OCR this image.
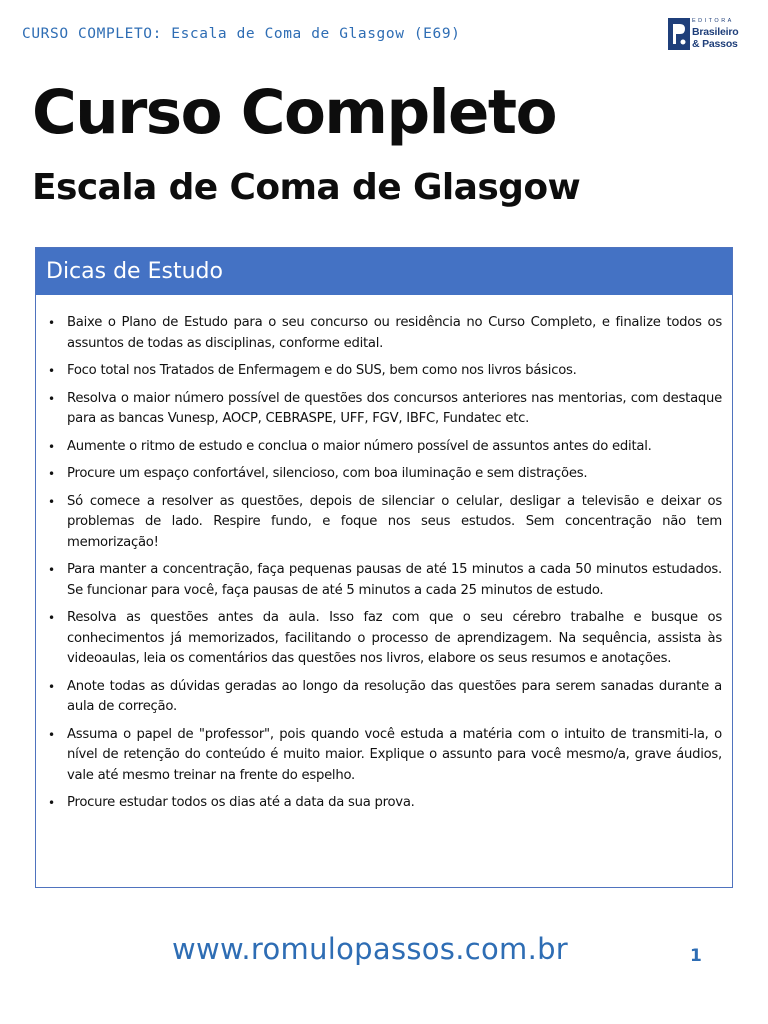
CURSO COMPLETO: Escala de Coma de Glasgow (E69)
EDITORA
Brasileiro
& Passos
Curso Completo
Escala de Coma de Glasgow
Dicas de Estudo
• Baixe o Plano de Estudo para o seu concurso ou residência no Curso Completo, e finalize todos os assuntos de todas as disciplinas, conforme edital.
• Foco total nos Tratados de Enfermagem e do SUS, bem como nos livros básicos.
• Resolva o maior número possível de questões dos concursos anteriores nas mentorias, com destaque para as bancas Vunesp, AOCP, CEBRASPE, UFF, FGV, IBFC, Fundatec etc.
• Aumente o ritmo de estudo e conclua o maior número possível de assuntos antes do edital.
• Procure um espaço confortável, silencioso, com boa iluminação e sem distrações.
• Só comece a resolver as questões, depois de silenciar o celular, desligar a televisão e deixar os problemas de lado. Respire fundo, e foque nos seus estudos. Sem concentração não tem memorização!
• Para manter a concentração, faça pequenas pausas de até 15 minutos a cada 50 minutos estudados. Se funcionar para você, faça pausas de até 5 minutos a cada 25 minutos de estudo.
• Resolva as questões antes da aula. Isso faz com que o seu cérebro trabalhe e busque os conhecimentos já memorizados, facilitando o processo de aprendizagem. Na sequência, assista às videoaulas, leia os comentários das questões nos livros, elabore os seus resumos e anotações.
• Anote todas as dúvidas geradas ao longo da resolução das questões para serem sanadas durante a aula de correção.
• Assuma o papel de "professor", pois quando você estuda a matéria com o intuito de transmiti-la, o nível de retenção do conteúdo é muito maior. Explique o assunto para você mesmo/a, grave áudios, vale até mesmo treinar na frente do espelho.
• Procure estudar todos os dias até a data da sua prova.
www.romulopassos.com.br	1
